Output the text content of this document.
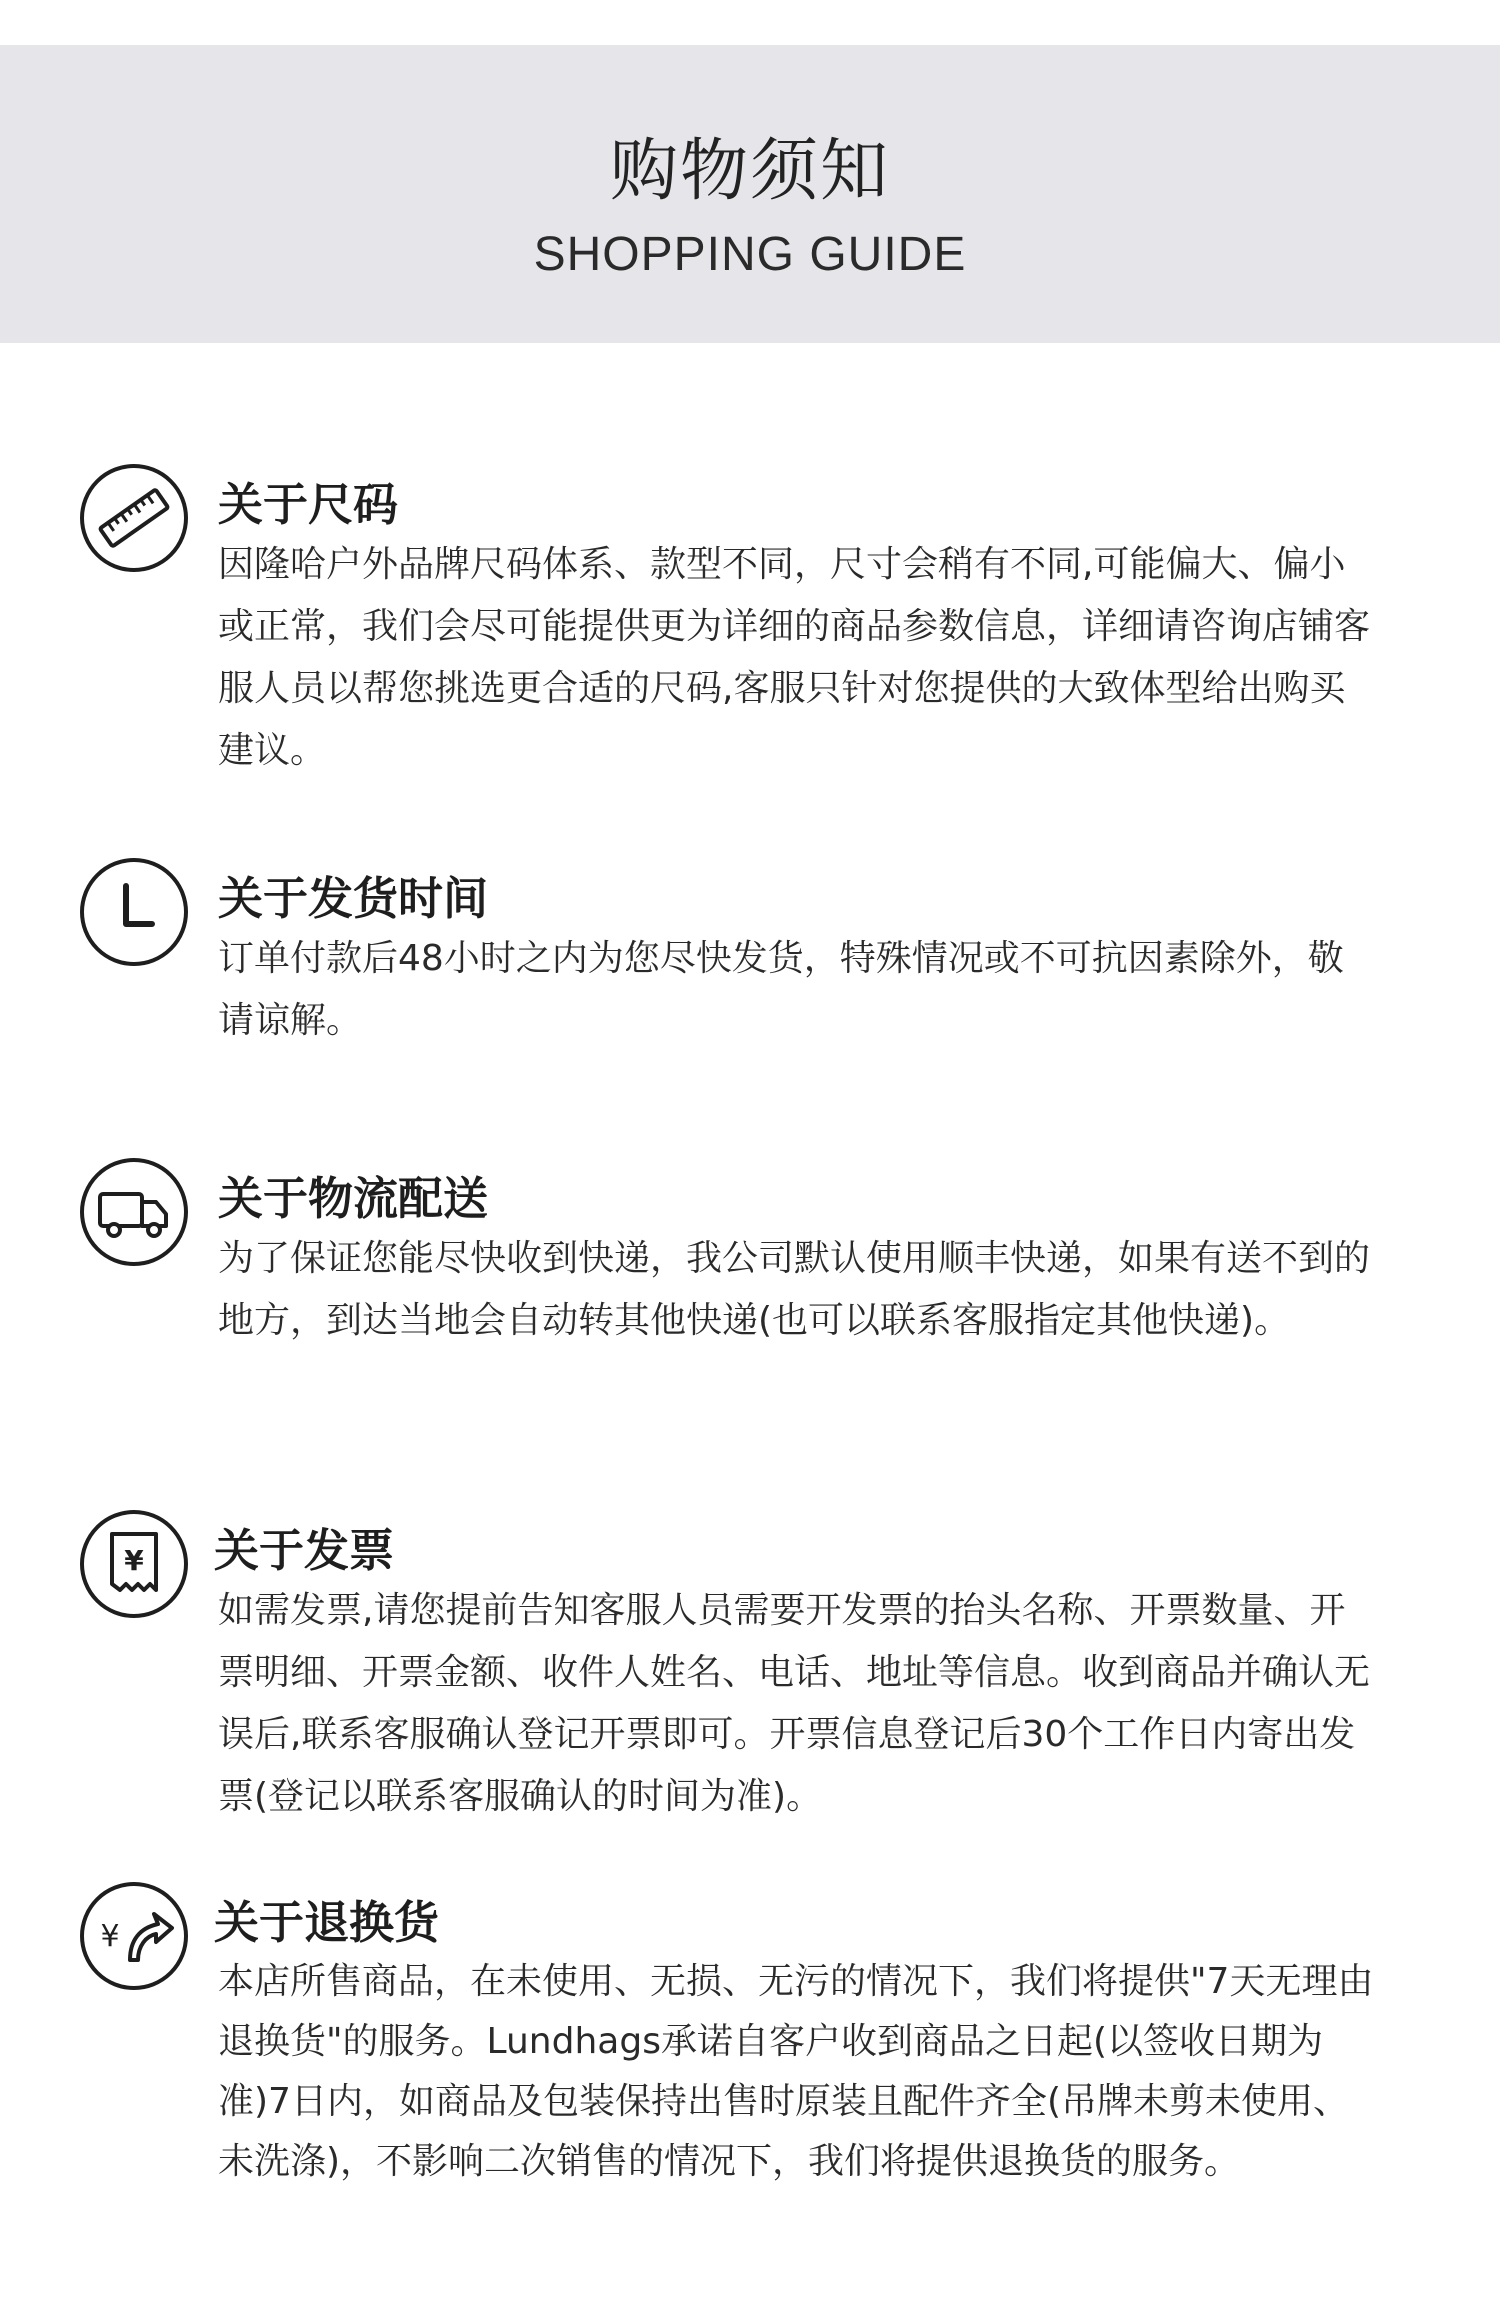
购物须知
SHOPPING GUIDE
关于尺码

因隆哈户外品牌尺码体系、款型不同，尺寸会稍有不同,可能偏大、偏小或正常，我们会尽可能提供更为详细的商品参数信息，详细请咨询店铺客服人员以帮您挑选更合适的尺码,客服只针对您提供的大致体型给出购买建议。

关于发货时间

订单付款后48小时之内为您尽快发货，特殊情况或不可抗因素除外，敬请谅解。

关于物流配送

为了保证您能尽快收到快递，我公司默认使用顺丰快递，如果有送不到的地方，到达当地会自动转其他快递(也可以联系客服指定其他快递)。

¥ 关于发票

如需发票,请您提前告知客服人员需要开发票的抬头名称、开票数量、开票明细、开票金额、收件人姓名、电话、地址等信息。收到商品并确认无误后,联系客服确认登记开票即可。开票信息登记后30个工作日内寄出发票(登记以联系客服确认的时间为准)。

¥ 关于退换货

本店所售商品，在未使用、无损、无污的情况下，我们将提供"7天无理由退换货"的服务。Lundhags承诺自客户收到商品之日起(以签收日期为准)7日内，如商品及包装保持出售时原装且配件齐全(吊牌未剪未使用、未洗涤)，不影响二次销售的情况下，我们将提供退换货的服务。
